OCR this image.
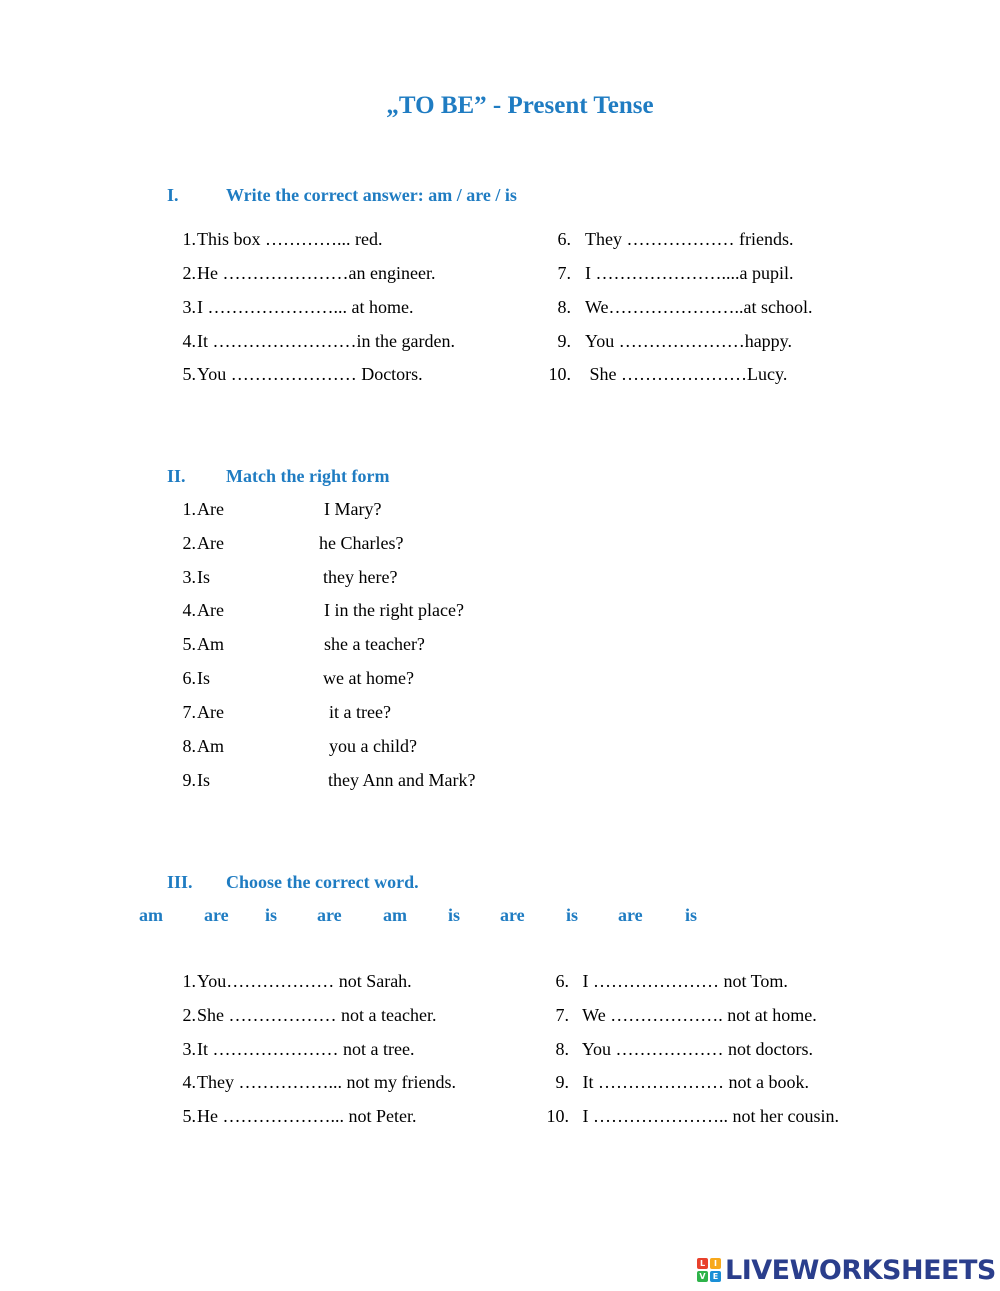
„TO BE” - Present Tense
I.	Write the correct answer: am / are / is
1. This box …………... red.
2. He …………………an engineer.
3. I …………………... at home.
4. It ……………………in the garden.
5. You ………………… Doctors.
6. They ……………… friends.
7. I …………………....a pupil.
8. We…………………..at school.
9. You …………………happy.
10. She …………………Lucy.
II. Match the right form
1. Are	I Mary?
2. Are	he Charles?
3. Is	they here?
4. Are	I in the right place?
5. Am	she a teacher?
6. Is	we at home?
7. Are	it a tree?
8. Am	you a child?
9. Is	they Ann and Mark?
III. Choose the correct word.
am are is are am is are is are is
1. You……………… not Sarah.
2. She ……………… not a teacher.
3. It ………………… not a tree.
4. They ……………... not my friends.
5. He ………………... not Peter.
6. I ………………… not Tom.
7. We ………………. not at home.
8. You ……………… not doctors.
9. It ………………… not a book.
10. I ………………….. not her cousin.
L	I
V E LIVEWORKSHEETS
